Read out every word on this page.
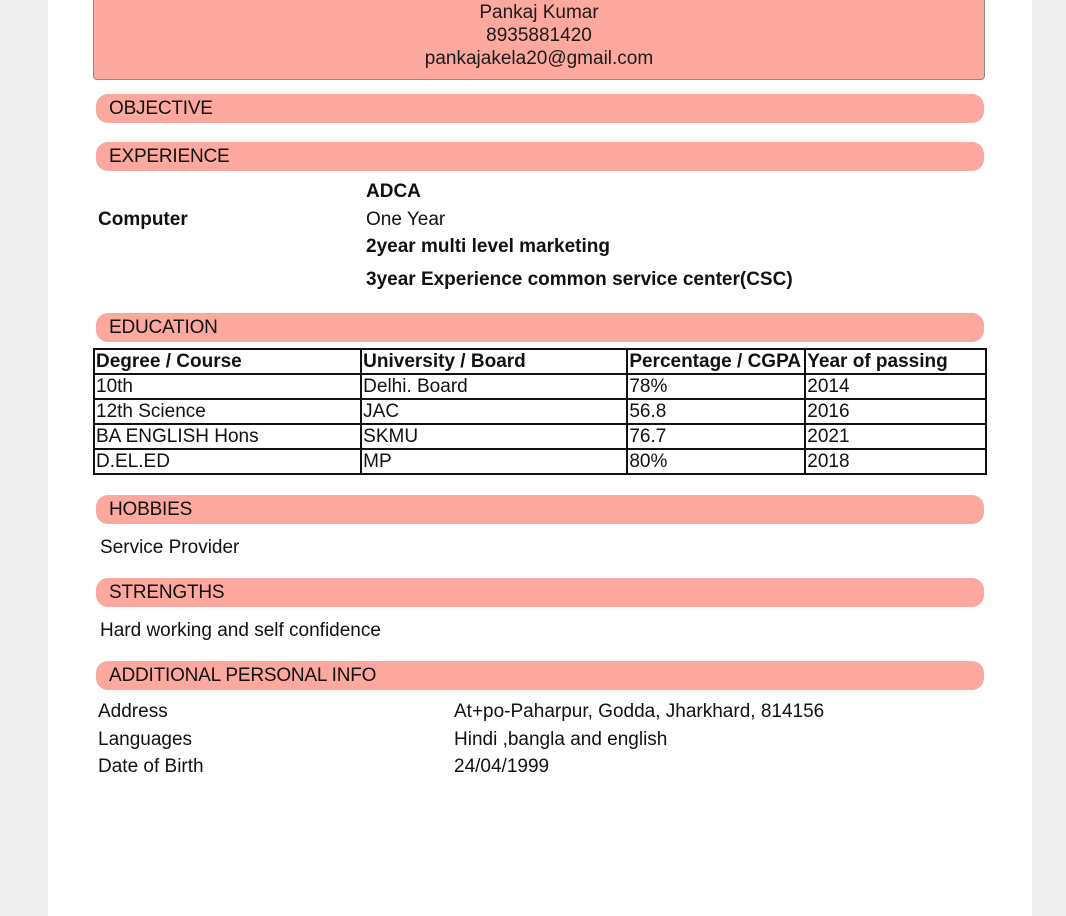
Pankaj Kumar
8935881420
pankajakela20@gmail.com
OBJECTIVE
EXPERIENCE
Computer
ADCA
One Year
2year multi level marketing
3year Experience common service center(CSC)
EDUCATION
Degree / Course	University / Board	Percentage / CGPA	Year of passing
10th	Delhi. Board	78%	2014
12th Science	JAC	56.8	2016
BA ENGLISH Hons	SKMU	76.7	2021
D.EL.ED	MP	80%	2018
HOBBIES
Service Provider
STRENGTHS
Hard working and self confidence
ADDITIONAL PERSONAL INFO
Address	At+po-Paharpur, Godda, Jharkhard, 814156
Languages	Hindi ,bangla and english
Date of Birth	24/04/1999
